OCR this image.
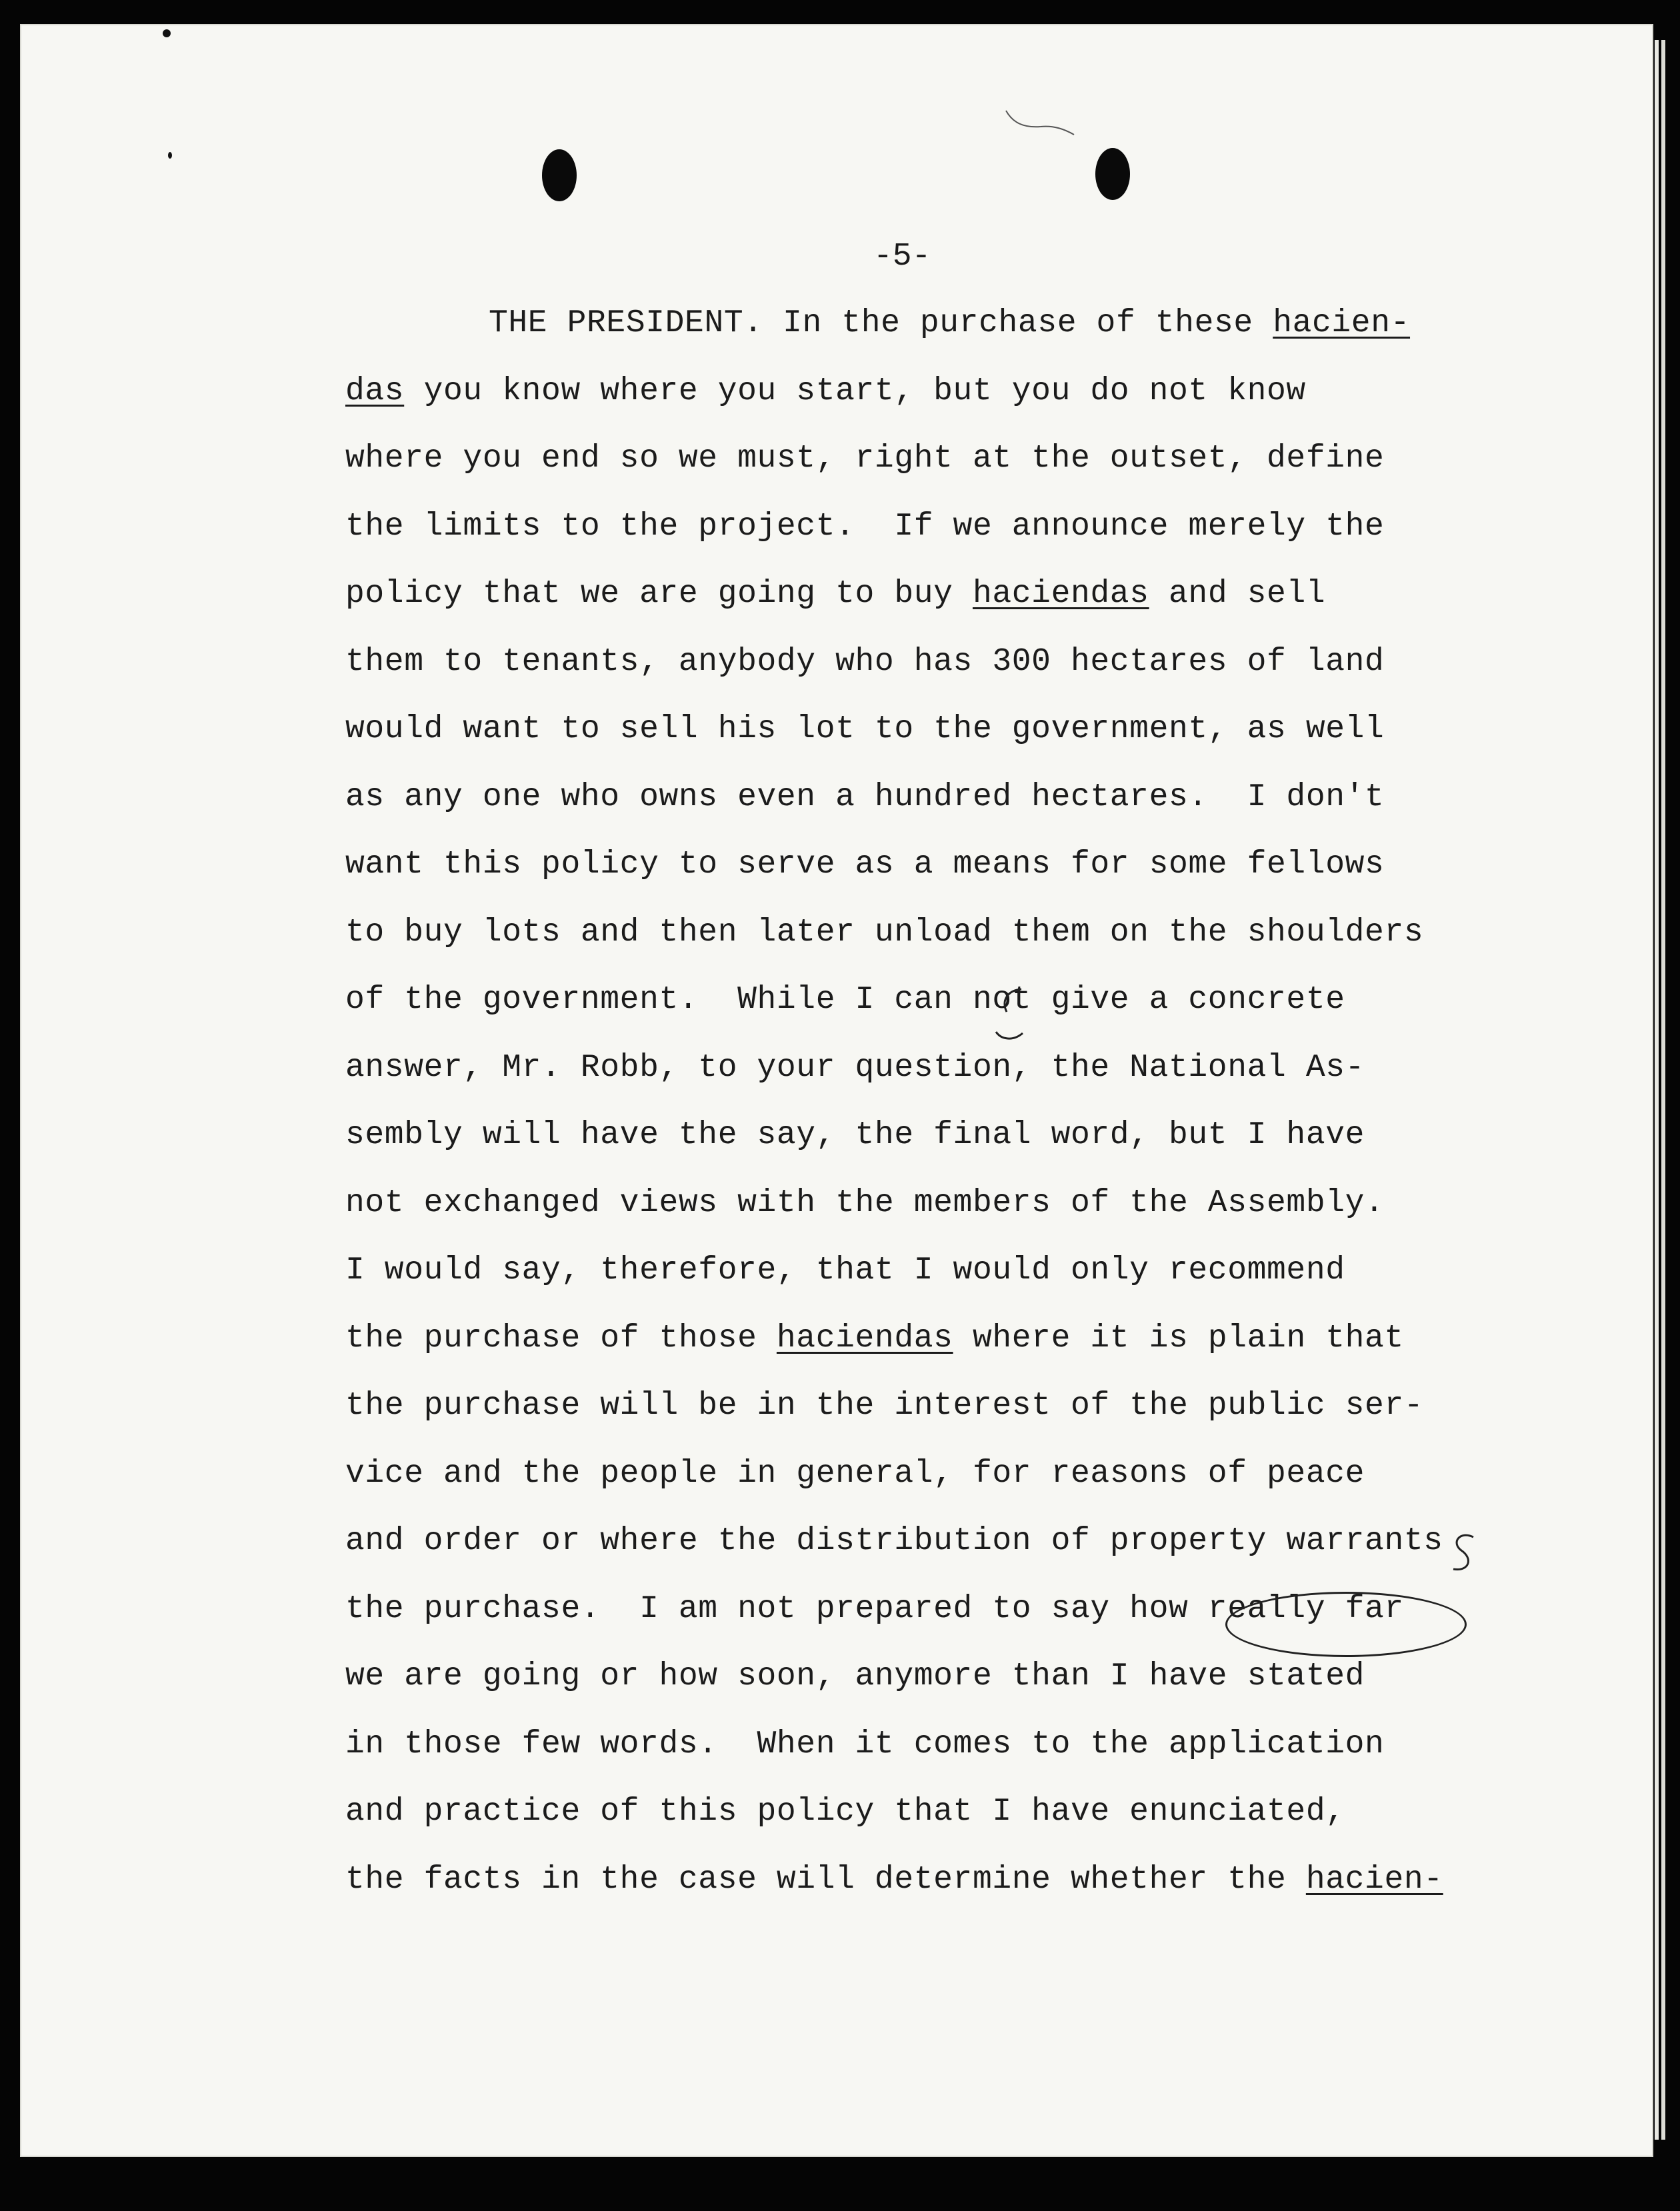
-5-
THE PRESIDENT. In the purchase of these hacien-
das you know where you start, but you do not know
where you end so we must, right at the outset, define
the limits to the project.  If we announce merely the
policy that we are going to buy haciendas and sell
them to tenants, anybody who has 300 hectares of land
would want to sell his lot to the government, as well
as any one who owns even a hundred hectares.  I don't
want this policy to serve as a means for some fellows
to buy lots and then later unload them on the shoulders
of the government.  While I can not give a concrete
answer, Mr. Robb, to your question, the National As-
sembly will have the say, the final word, but I have
not exchanged views with the members of the Assembly.
I would say, therefore, that I would only recommend
the purchase of those haciendas where it is plain that
the purchase will be in the interest of the public ser-
vice and the people in general, for reasons of peace
and order or where the distribution of property warrants
the purchase.  I am not prepared to say how really far
we are going or how soon, anymore than I have stated
in those few words.  When it comes to the application
and practice of this policy that I have enunciated,
the facts in the case will determine whether the hacien-
